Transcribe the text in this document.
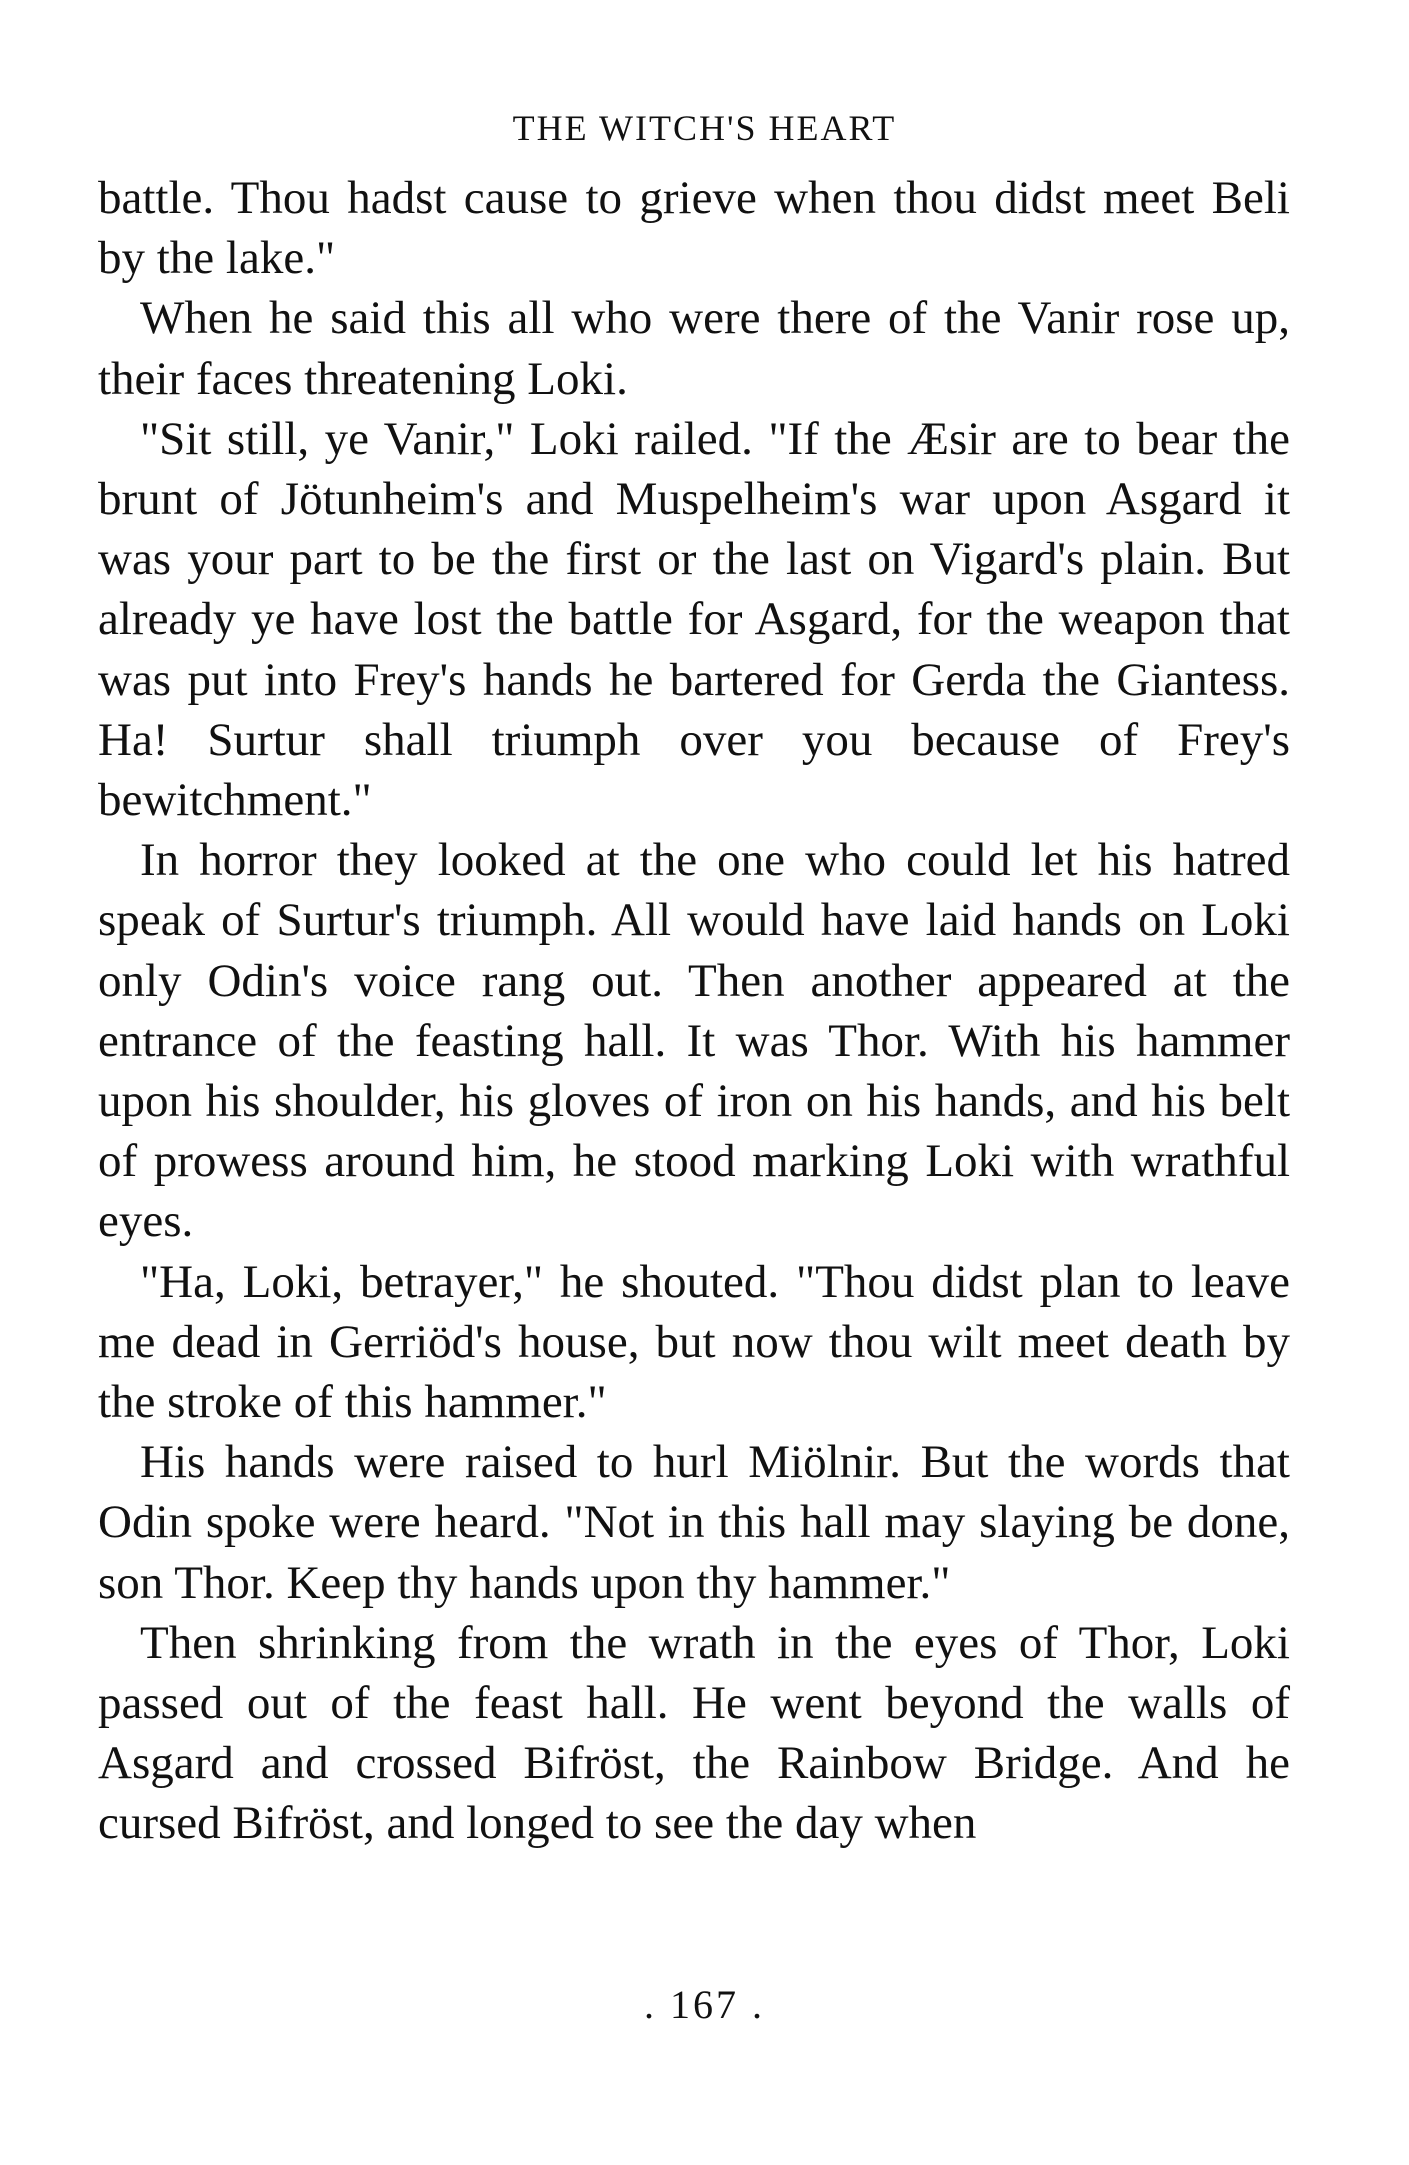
THE WITCH'S HEART

battle. Thou hadst cause to grieve when thou didst meet Beli by the lake."

When he said this all who were there of the Vanir rose up, their faces threatening Loki.

"Sit still, ye Vanir," Loki railed. "If the Æsir are to bear the brunt of Jötunheim's and Muspelheim's war upon Asgard it was your part to be the first or the last on Vigard's plain. But already ye have lost the battle for Asgard, for the weapon that was put into Frey's hands he bartered for Gerda the Giantess. Ha! Surtur shall triumph over you because of Frey's bewitchment."

In horror they looked at the one who could let his hatred speak of Surtur's triumph. All would have laid hands on Loki only Odin's voice rang out. Then another appeared at the entrance of the feasting hall. It was Thor. With his hammer upon his shoulder, his gloves of iron on his hands, and his belt of prowess around him, he stood marking Loki with wrathful eyes.

"Ha, Loki, betrayer," he shouted. "Thou didst plan to leave me dead in Gerriöd's house, but now thou wilt meet death by the stroke of this hammer."

His hands were raised to hurl Miölnir. But the words that Odin spoke were heard. "Not in this hall may slaying be done, son Thor. Keep thy hands upon thy hammer."

Then shrinking from the wrath in the eyes of Thor, Loki passed out of the feast hall. He went beyond the walls of Asgard and crossed Bifröst, the Rainbow Bridge. And he cursed Bifröst, and longed to see the day when

. 167 .
